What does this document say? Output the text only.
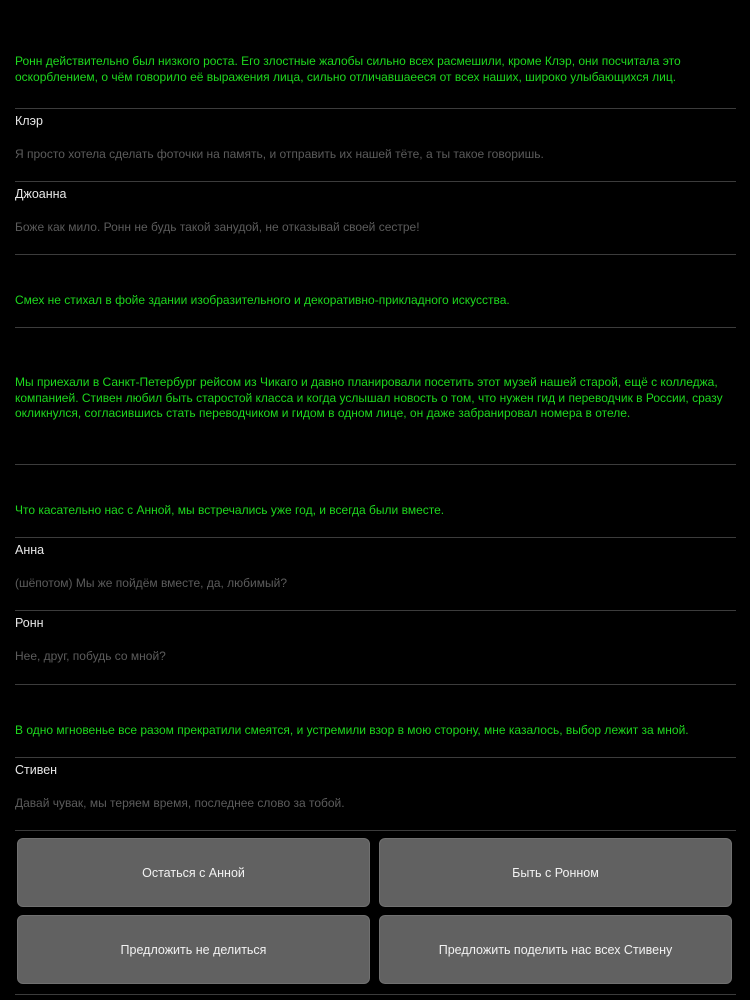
Ронн действительно был низкого роста. Его злостные жалобы сильно всех расмешили, кроме Клэр, они посчитала это оскорблением, о чём говорило её выражения лица, сильно отличавшаееся от всех наших, широко улыбающихся лиц.
Клэр
Я просто хотела сделать фоточки на память, и отправить их нашей тёте, а ты такое говоришь.
Джоанна
Боже как мило. Ронн не будь такой занудой, не отказывай своей сестре!
Смех не стихал в фойе здании изобразительного и декоративно-прикладного искусства.
Мы приехали в Санкт-Петербург рейсом из Чикаго и давно планировали посетить этот музей нашей старой, ещё с колледжа, компанией. Стивен любил быть старостой класса и когда услышал новость о том, что нужен гид и переводчик в России, сразу окликнулся, согласившись стать переводчиком и гидом в одном лице, он даже забранировал номера в отеле.
Что касательно нас с Анной, мы встречались уже год, и всегда были вместе.
Анна
(шёпотом) Мы же пойдём вместе, да, любимый?
Ронн
Нее, друг, побудь со мной?
В одно мгновенье все разом прекратили смеятся, и устремили взор в мою сторону, мне казалось, выбор лежит за мной.
Стивен
Давай чувак, мы теряем время, последнее слово за тобой.
Остаться с Анной	Быть с Ронном
Предложить не делиться	Предложить поделить нас всех Стивену
